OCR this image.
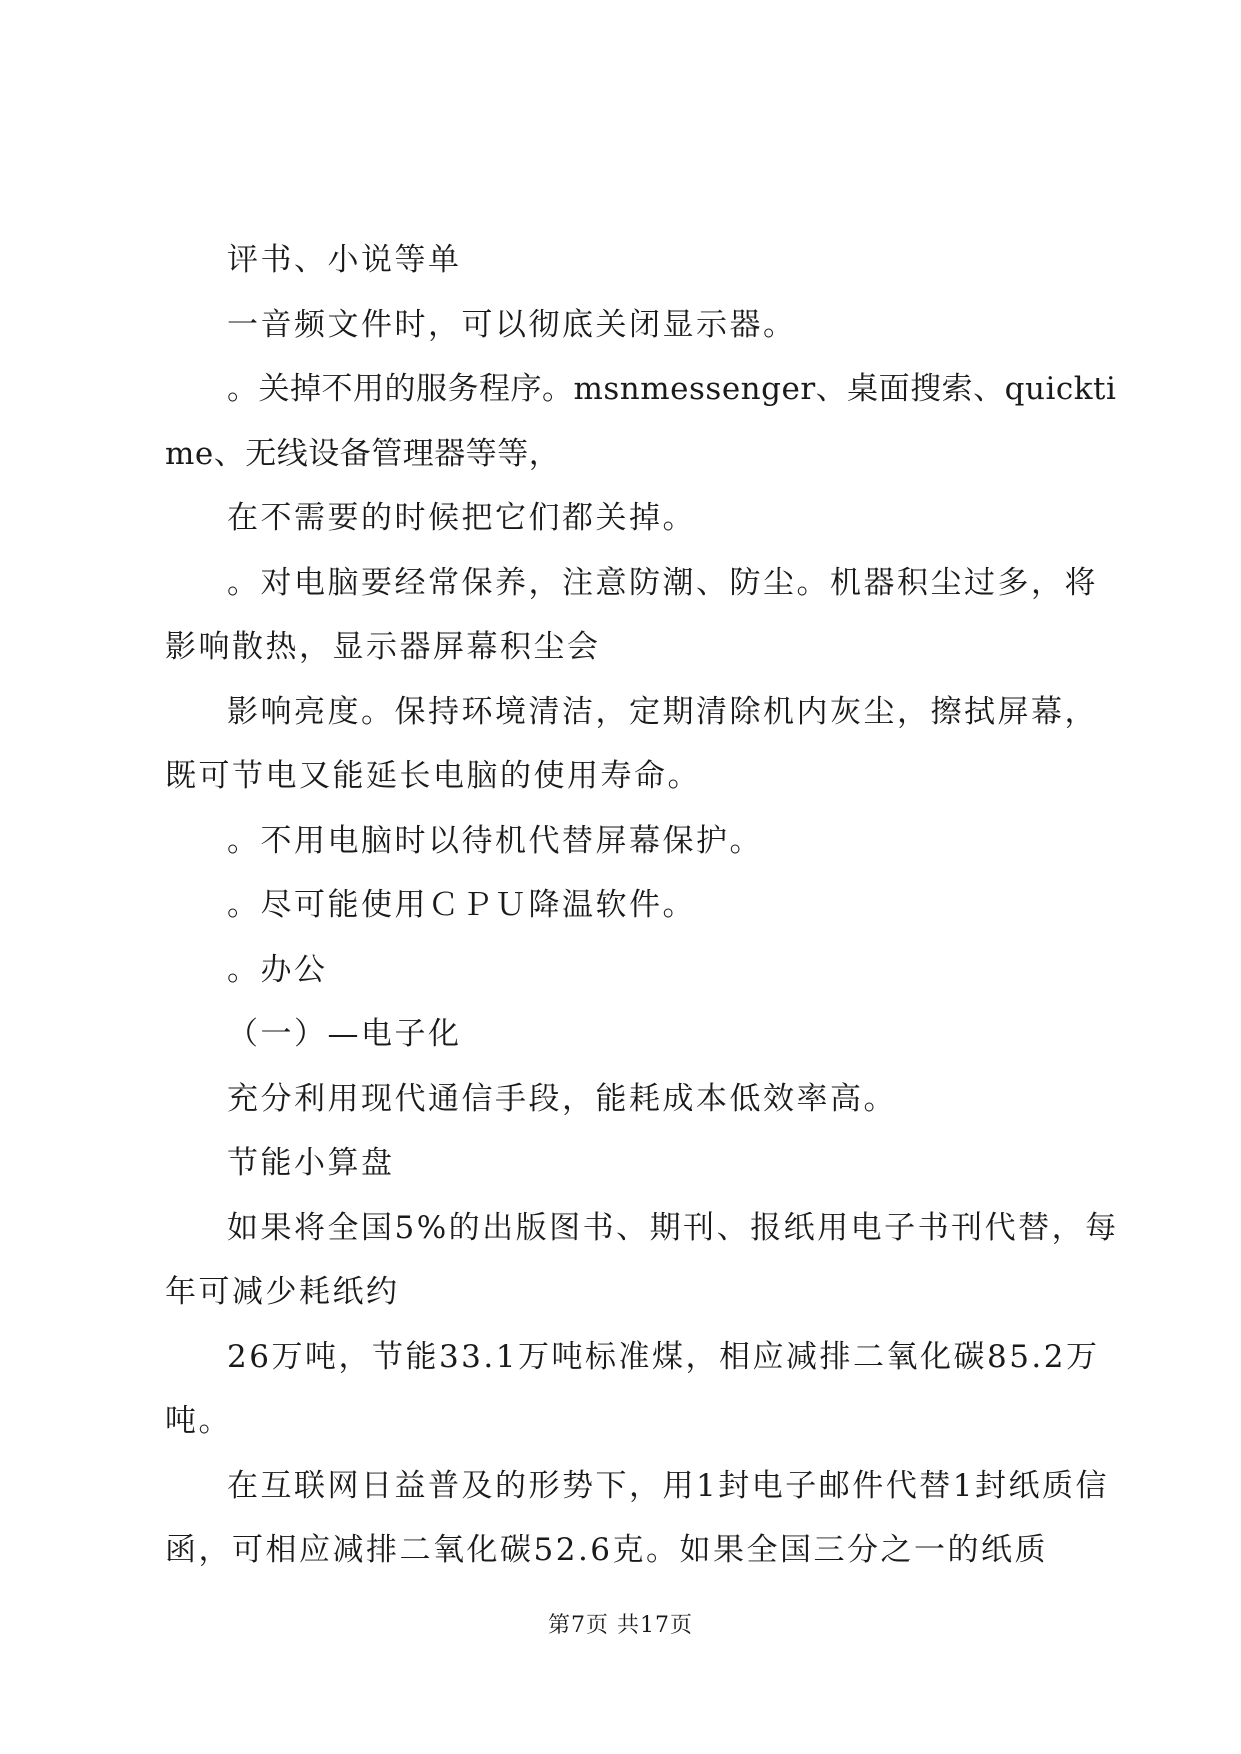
评书、小说等单

一音频文件时，可以彻底关闭显示器。

。关掉不用的服务程序。msnmessenger、桌面搜索、quicktime、无线设备管理器等等，

在不需要的时候把它们都关掉。

。对电脑要经常保养，注意防潮、防尘。机器积尘过多，将影响散热，显示器屏幕积尘会

影响亮度。保持环境清洁，定期清除机内灰尘，擦拭屏幕，既可节电又能延长电脑的使用寿命。

。不用电脑时以待机代替屏幕保护。

。尽可能使用ＣＰＵ降温软件。

。办公

（一）—电子化

充分利用现代通信手段，能耗成本低效率高。

节能小算盘

如果将全国5%的出版图书、期刊、报纸用电子书刊代替，每年可减少耗纸约

26万吨，节能33.1万吨标准煤，相应减排二氧化碳85.2万吨。

在互联网日益普及的形势下，用1封电子邮件代替1封纸质信函，可相应减排二氧化碳52.6克。如果全国三分之一的纸质

第7页 共17页
